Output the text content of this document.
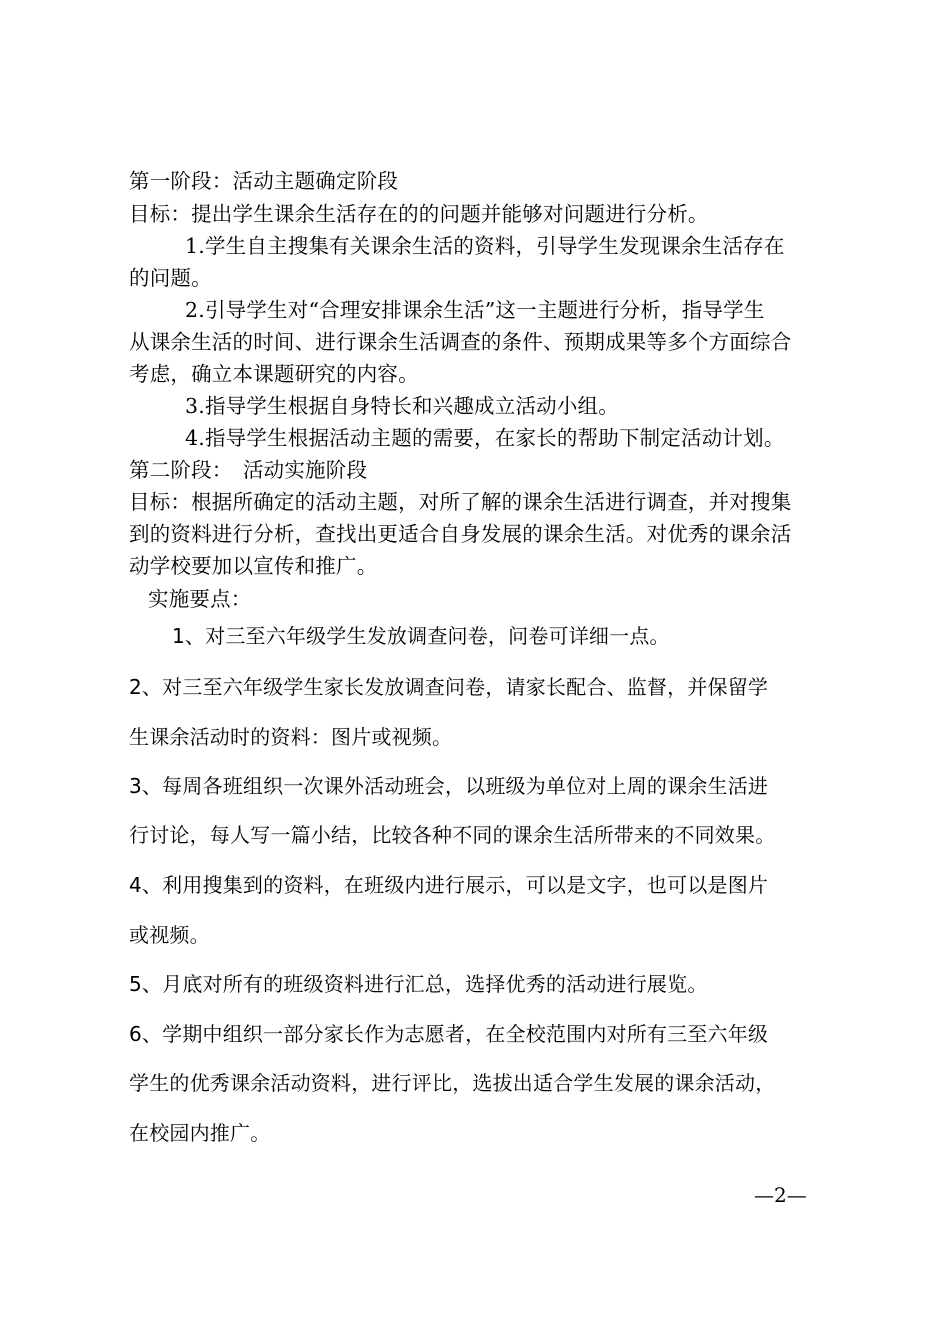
第一阶段：活动主题确定阶段
目标：提出学生课余生活存在的的问题并能够对问题进行分析。
1.学生自主搜集有关课余生活的资料，引导学生发现课余生活存在
的问题。
2.引导学生对“合理安排课余生活”这一主题进行分析，指导学生
从课余生活的时间、进行课余生活调查的条件、预期成果等多个方面综合
考虑，确立本课题研究的内容。
3.指导学生根据自身特长和兴趣成立活动小组。
4.指导学生根据活动主题的需要，在家长的帮助下制定活动计划。
第二阶段：　活动实施阶段
目标：根据所确定的活动主题，对所了解的课余生活进行调查，并对搜集
到的资料进行分析，查找出更适合自身发展的课余生活。对优秀的课余活
动学校要加以宣传和推广。
实施要点：
1、对三至六年级学生发放调查问卷，问卷可详细一点。
2、对三至六年级学生家长发放调查问卷，请家长配合、监督，并保留学
生课余活动时的资料：图片或视频。
3、每周各班组织一次课外活动班会，以班级为单位对上周的课余生活进
行讨论，每人写一篇小结，比较各种不同的课余生活所带来的不同效果。
4、利用搜集到的资料，在班级内进行展示，可以是文字，也可以是图片
或视频。
5、月底对所有的班级资料进行汇总，选择优秀的活动进行展览。
6、学期中组织一部分家长作为志愿者，在全校范围内对所有三至六年级
学生的优秀课余活动资料，进行评比，选拔出适合学生发展的课余活动，
在校园内推广。
—2—
